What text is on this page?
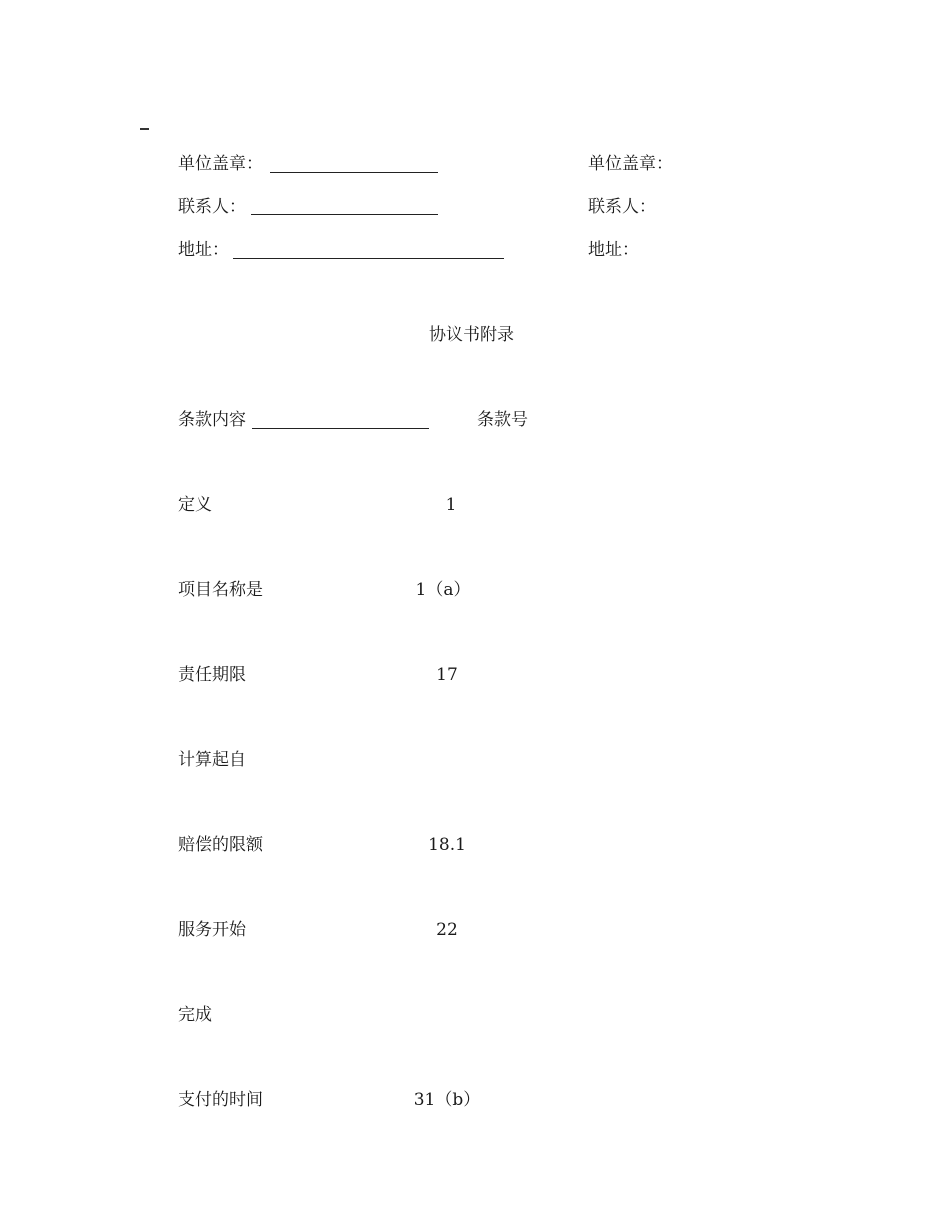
单位盖章：
联系人：
地址：
单位盖章：
联系人：
地址：
协议书附录
条款内容	条款号
定义	1
项目名称是	1（a）
责任期限	17
计算起自
赔偿的限额	18.1
服务开始	22
完成
支付的时间	31（b）
